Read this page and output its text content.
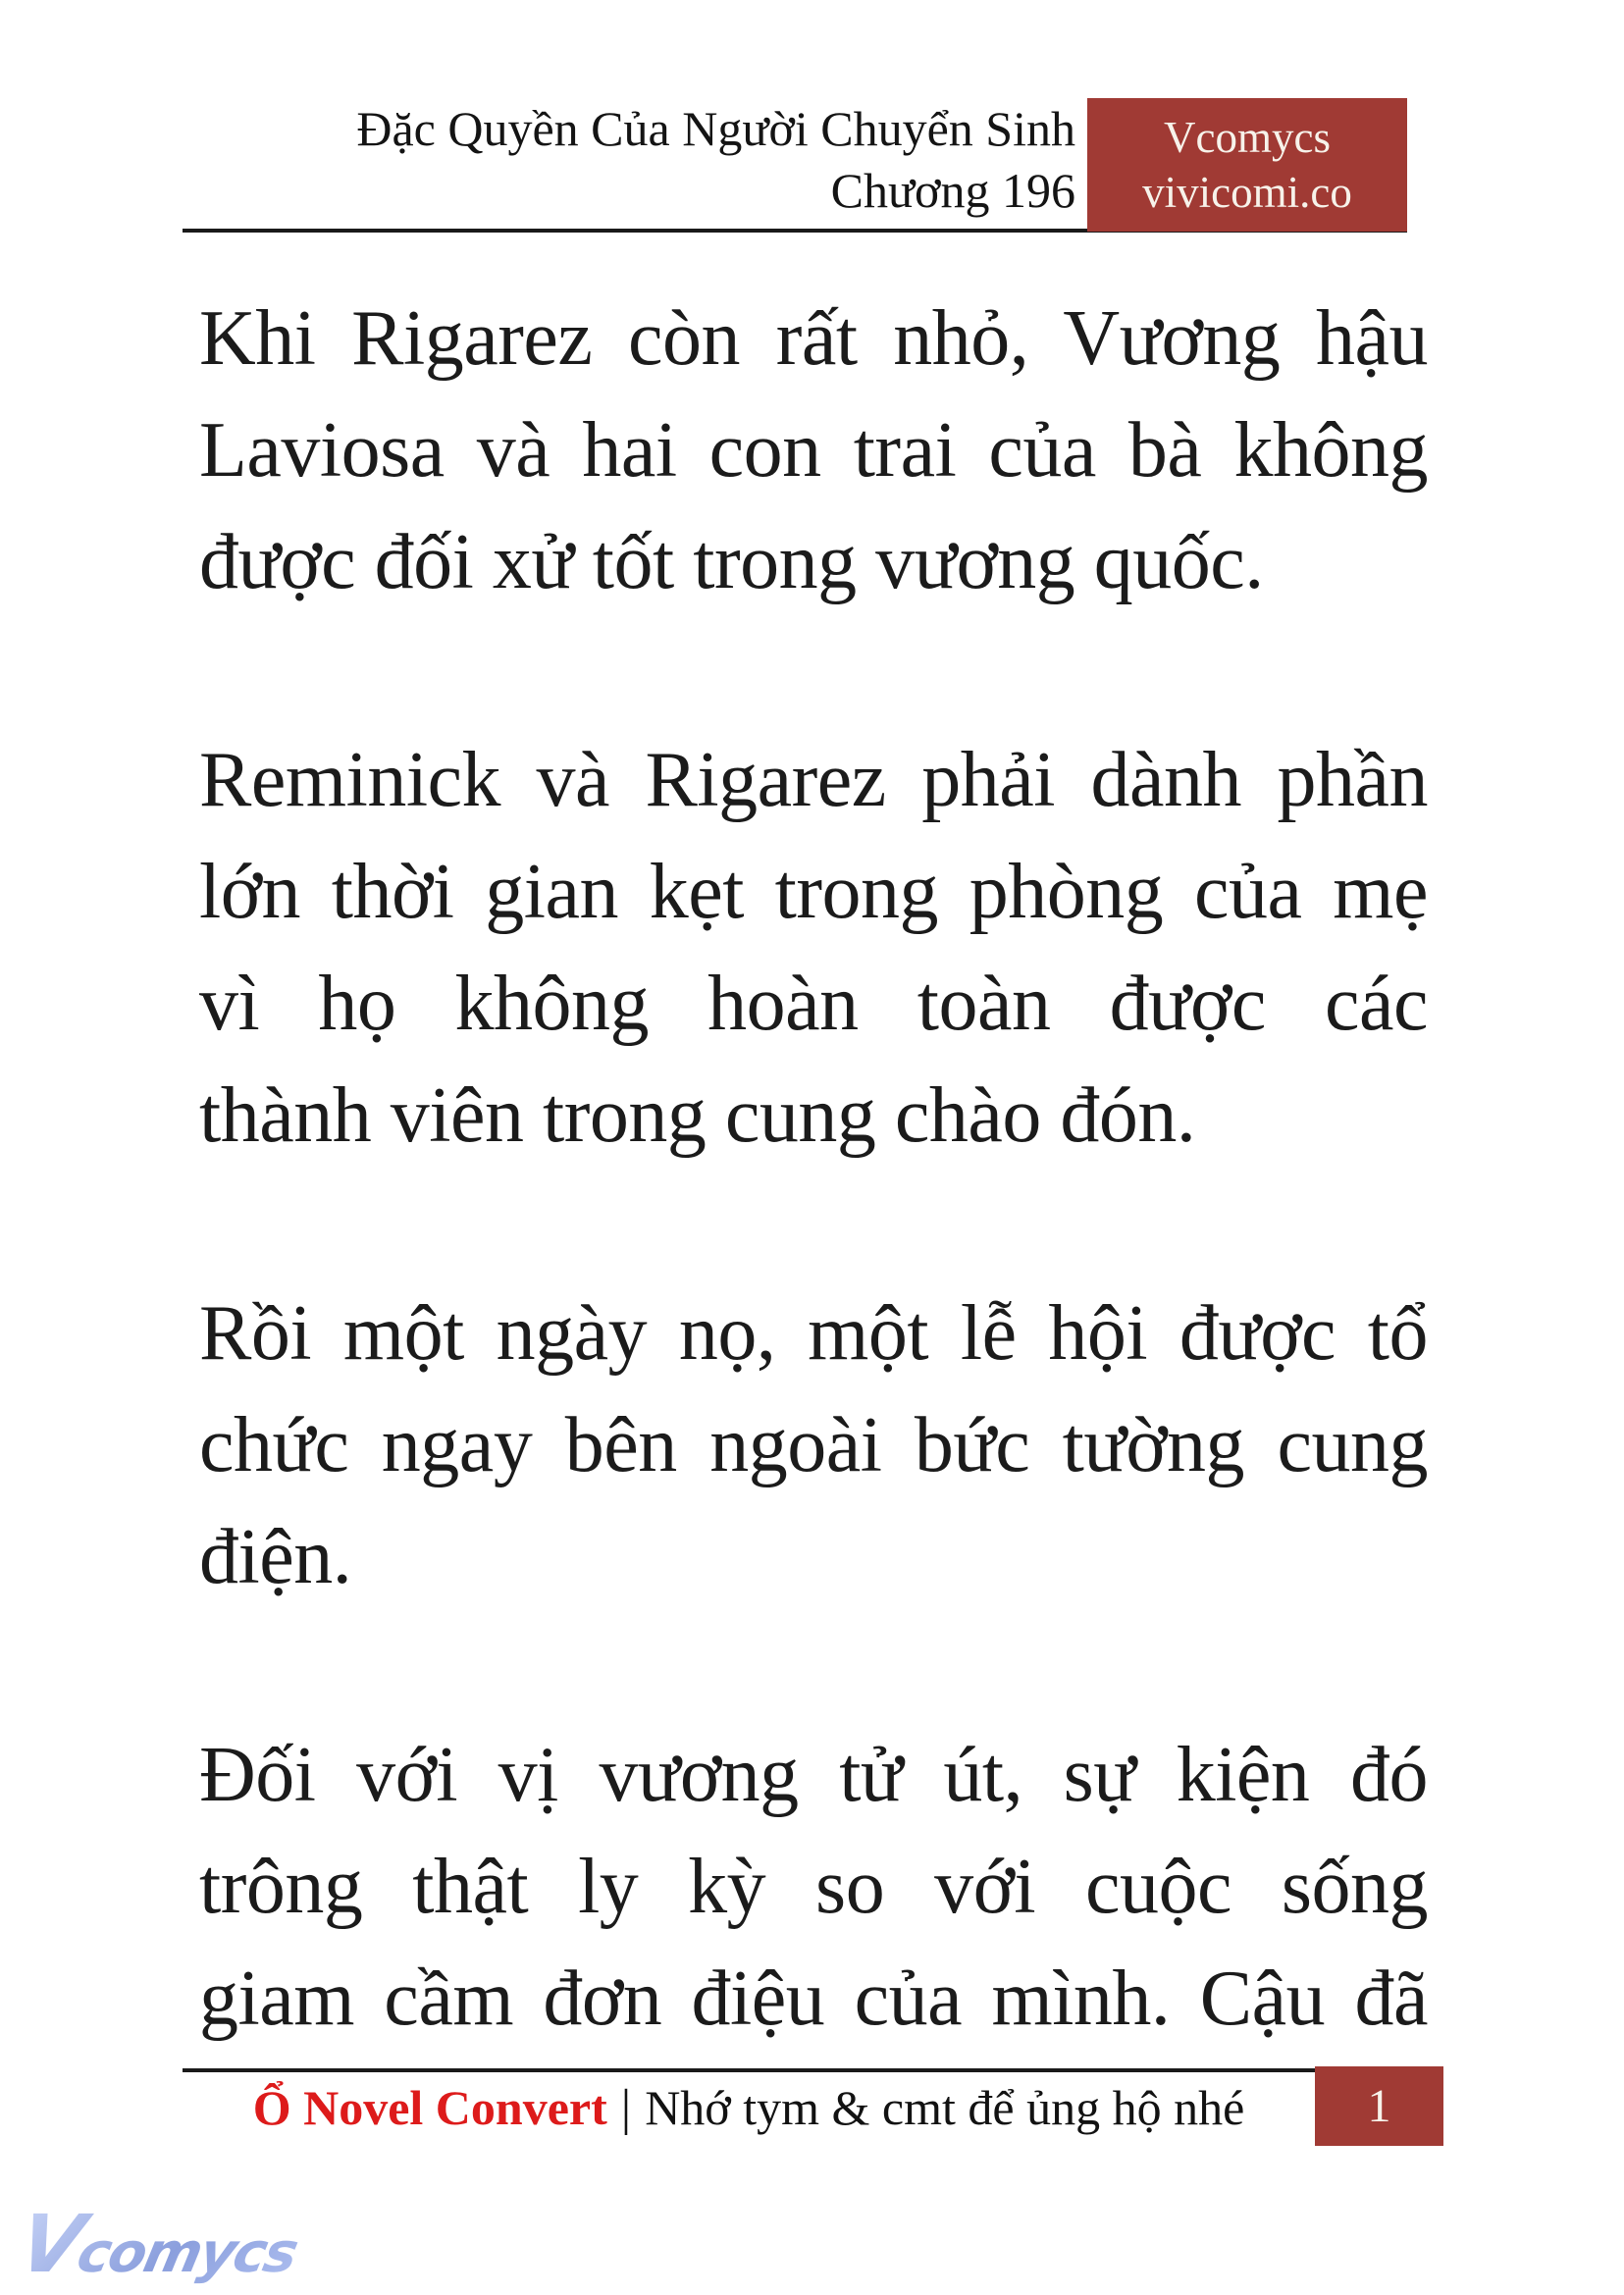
Đặc Quyền Của Người Chuyển Sinh
Chương 196
Vcomycs
vivicomi.co
Khi Rigarez còn rất nhỏ, Vương hậu
Laviosa và hai con trai của bà không
được đối xử tốt trong vương quốc.
Reminick và Rigarez phải dành phần
lớn thời gian kẹt trong phòng của mẹ
vì họ không hoàn toàn được các
thành viên trong cung chào đón.
Rồi một ngày nọ, một lễ hội được tổ
chức ngay bên ngoài bức tường cung
điện.
Đối với vị vương tử út, sự kiện đó
trông thật ly kỳ so với cuộc sống
giam cầm đơn điệu của mình. Cậu đã
Ổ Novel Convert | Nhớ tym & cmt để ủng hộ nhé	1
Vcomycs
